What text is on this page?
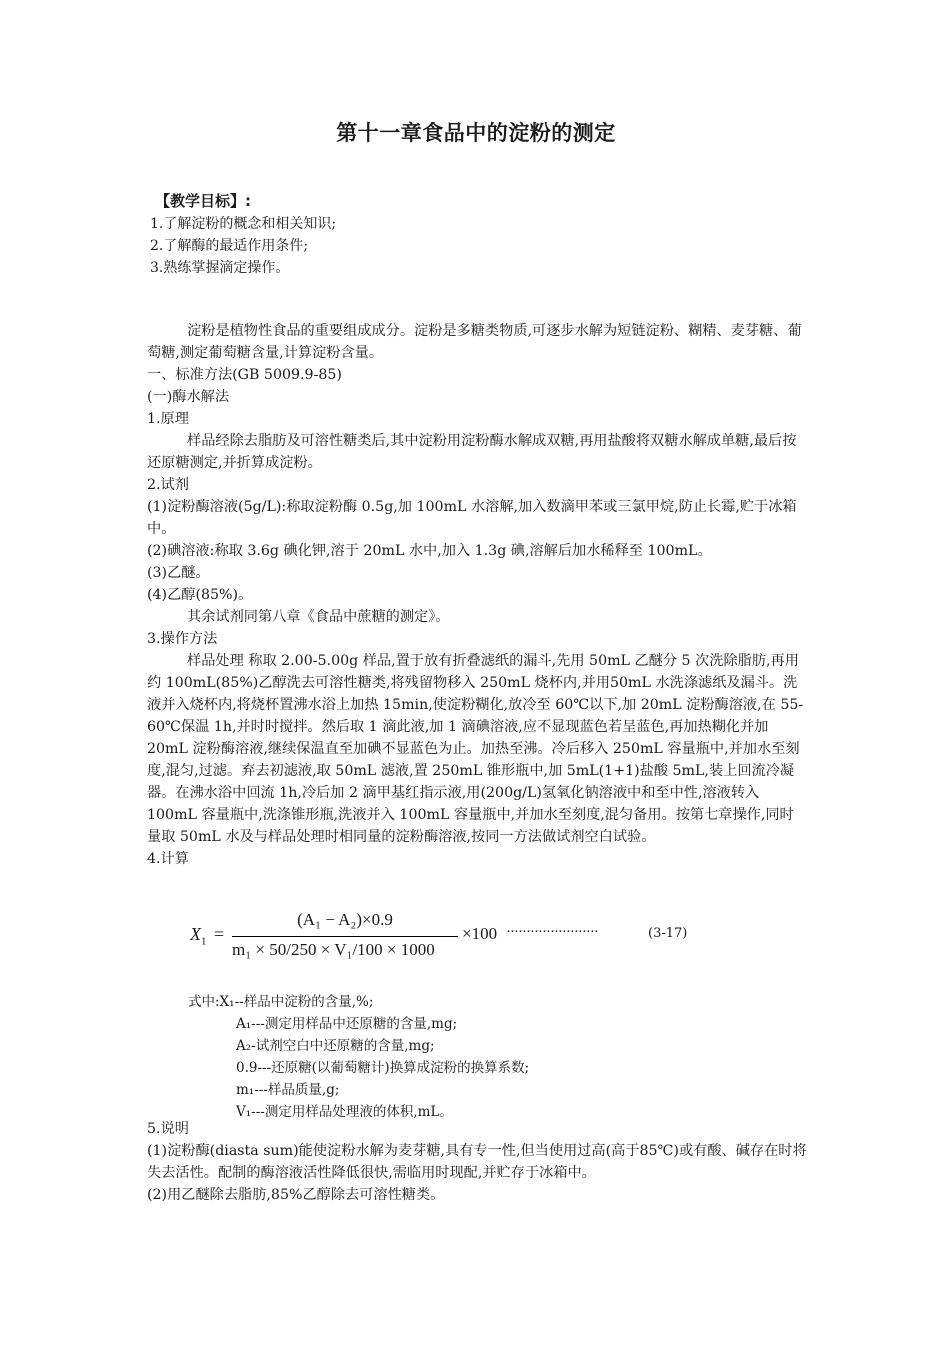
第十一章食品中的淀粉的测定
【教学目标】:
1.了解淀粉的概念和相关知识;
2.了解酶的最适作用条件;
3.熟练掌握滴定操作。

淀粉是植物性食品的重要组成成分。淀粉是多糖类物质,可逐步水解为短链淀粉、糊精、麦芽糖、葡萄糖,测定葡萄糖含量,计算淀粉含量。

一、标准方法(GB 5009.9-85)

(一)酶水解法

1.原理

样品经除去脂肪及可溶性糖类后,其中淀粉用淀粉酶水解成双糖,再用盐酸将双糖水解成单糖,最后按还原糖测定,并折算成淀粉。

2.试剂

(1)淀粉酶溶液(5g/L):称取淀粉酶 0.5g,加 100mL 水溶解,加入数滴甲苯或三氯甲烷,防止长霉,贮于冰箱中。

(2)碘溶液:称取 3.6g 碘化钾,溶于 20mL 水中,加入 1.3g 碘,溶解后加水稀释至 100mL。

(3)乙醚。

(4)乙醇(85%)。

其余试剂同第八章《食品中蔗糖的测定》。

3.操作方法

样品处理 称取 2.00-5.00g 样品,置于放有折叠滤纸的漏斗,先用 50mL 乙醚分 5 次洗除脂肪,再用约 100mL(85%)乙醇洗去可溶性糖类,将残留物移入 250mL 烧杯内,并用50mL 水洗涤滤纸及漏斗。洗液并入烧杯内,将烧杯置沸水浴上加热 15min,使淀粉糊化,放冷至 60℃以下,加 20mL 淀粉酶溶液,在 55-60℃保温 1h,并时时搅拌。然后取 1 滴此液,加 1 滴碘溶液,应不显现蓝色若呈蓝色,再加热糊化并加 20mL 淀粉酶溶液,继续保温直至加碘不显蓝色为止。加热至沸。冷后移入 250mL 容量瓶中,并加水至刻度,混匀,过滤。弃去初滤液,取 50mL 滤液,置 250mL 锥形瓶中,加 5mL(1+1)盐酸 5mL,装上回流冷凝器。在沸水浴中回流 1h,冷后加 2 滴甲基红指示液,用(200g/L)氢氧化钠溶液中和至中性,溶液转入 100mL 容量瓶中,洗涤锥形瓶,洗液并入 100mL 容量瓶中,并加水至刻度,混匀备用。按第七章操作,同时量取 50mL 水及与样品处理时相同量的淀粉酶溶液,按同一方法做试剂空白试验。

4.计算

$X_1$ =
(A₁ − A₂)×0.9
m₁ × 50/250 × V₁/100 × 1000
×100 ·······················	(3-17)
式中:X₁--样品中淀粉的含量,%;
A₁---测定用样品中还原糖的含量,mg;
A₂-试剂空白中还原糖的含量,mg;
0.9---还原糖(以葡萄糖计)换算成淀粉的换算系数;
m₁---样品质量,g;
V₁---测定用样品处理液的体积,mL。

5.说明

(1)淀粉酶(diasta sum)能使淀粉水解为麦芽糖,具有专一性,但当使用过高(高于85℃)或有酸、碱存在时将失去活性。配制的酶溶液活性降低很快,需临用时现配,并贮存于冰箱中。

(2)用乙醚除去脂肪,85%乙醇除去可溶性糖类。
